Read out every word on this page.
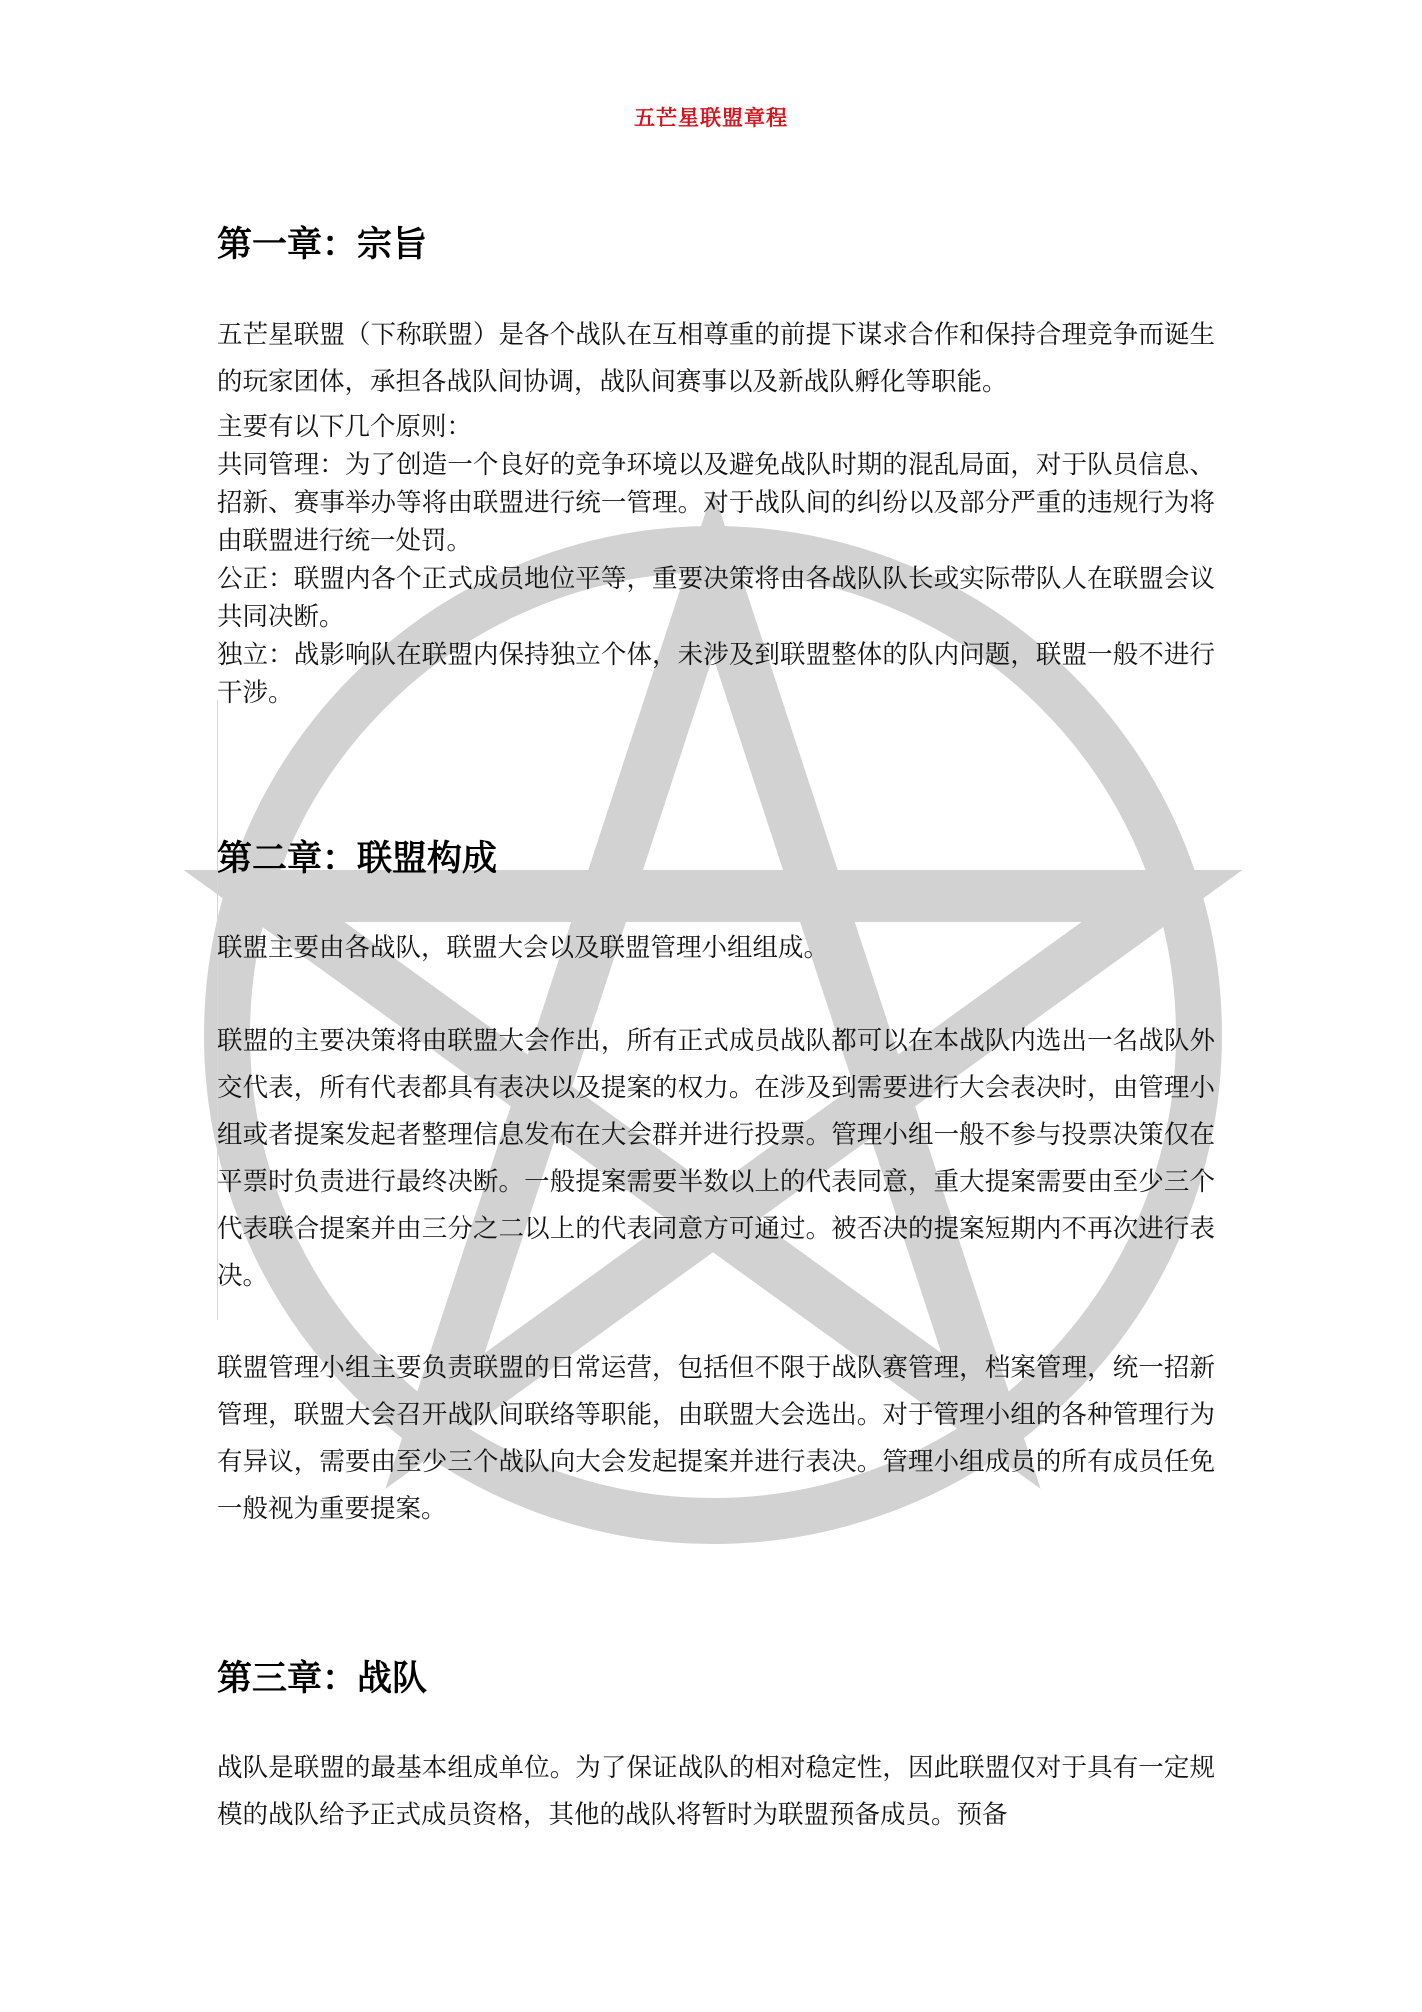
五芒星联盟章程
第一章：宗旨

五芒星联盟（下称联盟）是各个战队在互相尊重的前提下谋求合作和保持合理竞争而诞生的玩家团体，承担各战队间协调，战队间赛事以及新战队孵化等职能。

主要有以下几个原则：

共同管理：为了创造一个良好的竞争环境以及避免战队时期的混乱局面，对于队员信息、招新、赛事举办等将由联盟进行统一管理。对于战队间的纠纷以及部分严重的违规行为将由联盟进行统一处罚。

公正：联盟内各个正式成员地位平等，重要决策将由各战队队长或实际带队人在联盟会议共同决断。

独立：战影响队在联盟内保持独立个体，未涉及到联盟整体的队内问题，联盟一般不进行干涉。

第二章：联盟构成

联盟主要由各战队，联盟大会以及联盟管理小组组成。

联盟的主要决策将由联盟大会作出，所有正式成员战队都可以在本战队内选出一名战队外交代表，所有代表都具有表决以及提案的权力。在涉及到需要进行大会表决时，由管理小组或者提案发起者整理信息发布在大会群并进行投票。管理小组一般不参与投票决策仅在平票时负责进行最终决断。一般提案需要半数以上的代表同意，重大提案需要由至少三个代表联合提案并由三分之二以上的代表同意方可通过。被否决的提案短期内不再次进行表决。

联盟管理小组主要负责联盟的日常运营，包括但不限于战队赛管理，档案管理，统一招新管理，联盟大会召开战队间联络等职能，由联盟大会选出。对于管理小组的各种管理行为有异议，需要由至少三个战队向大会发起提案并进行表决。管理小组成员的所有成员任免一般视为重要提案。

第三章：战队

战队是联盟的最基本组成单位。为了保证战队的相对稳定性，因此联盟仅对于具有一定规模的战队给予正式成员资格，其他的战队将暂时为联盟预备成员。预备
